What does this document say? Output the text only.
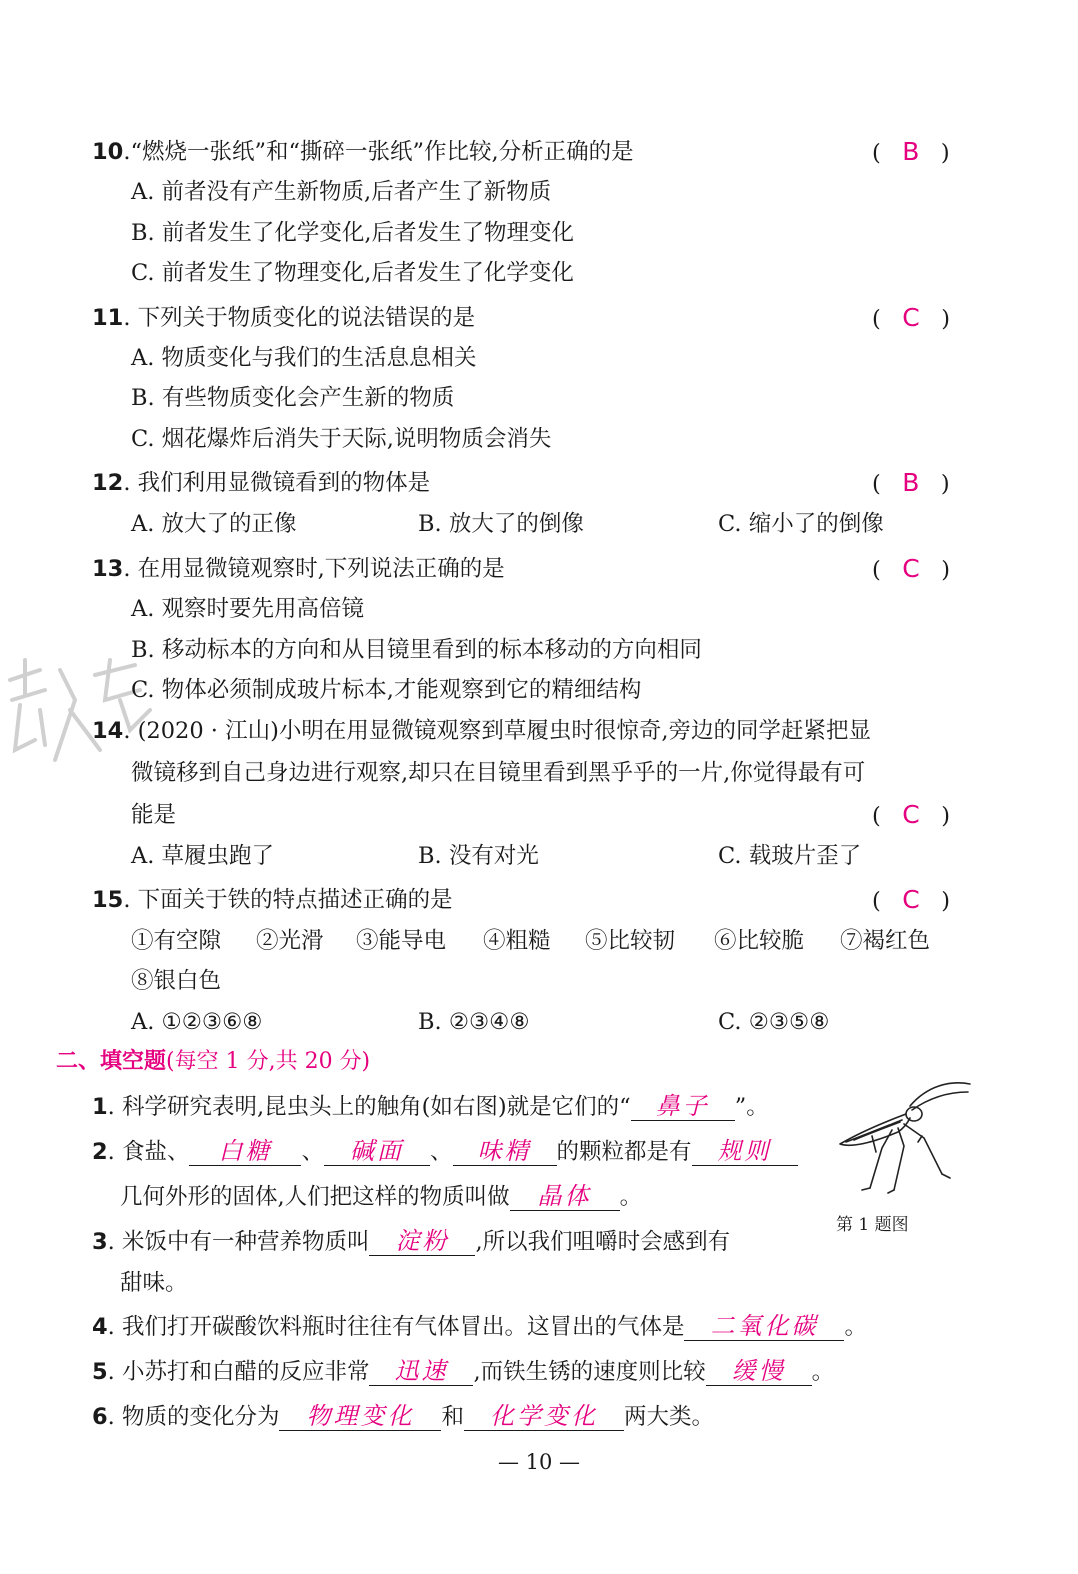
10.“燃烧一张纸”和“撕碎一张纸”作比较,分析正确的是	( B )
A. 前者没有产生新物质,后者产生了新物质
B. 前者发生了化学变化,后者发生了物理变化
C. 前者发生了物理变化,后者发生了化学变化
11. 下列关于物质变化的说法错误的是	( C )
A. 物质变化与我们的生活息息相关
B. 有些物质变化会产生新的物质
C. 烟花爆炸后消失于天际,说明物质会消失
12. 我们利用显微镜看到的物体是	( B )
A. 放大了的正像	B. 放大了的倒像	C. 缩小了的倒像
13. 在用显微镜观察时,下列说法正确的是	( C )
A. 观察时要先用高倍镜
B. 移动标本的方向和从目镜里看到的标本移动的方向相同
C. 物体必须制成玻片标本,才能观察到它的精细结构
14. (2020 · 江山)小明在用显微镜观察到草履虫时很惊奇,旁边的同学赶紧把显
微镜移到自己身边进行观察,却只在目镜里看到黑乎乎的一片,你觉得最有可
能是	( C )
A. 草履虫跑了	B. 没有对光	C. 载玻片歪了
15. 下面关于铁的特点描述正确的是	( C )
①有空隙 ②光滑 ③能导电 ④粗糙 ⑤比较韧 ⑥比较脆 ⑦褐红色
⑧银白色
A. ①②③⑥⑧	B. ②③④⑧	C. ②③⑤⑧
二、填空题(每空 1 分,共 20 分)
1. 科学研究表明,昆虫头上的触角(如右图)就是它们的“ 鼻子 ”。
2. 食盐、 白糖 、 碱面 、 味精 的颗粒都是有 规则
几何外形的固体,人们把这样的物质叫做 晶体 。
第 1 题图
3. 米饭中有一种营养物质叫 淀粉 ,所以我们咀嚼时会感到有
甜味。
4. 我们打开碳酸饮料瓶时往往有气体冒出。这冒出的气体是 二氧化碳 。
5. 小苏打和白醋的反应非常 迅速 ,而铁生锈的速度则比较 缓慢 。
6. 物质的变化分为 物理变化 和 化学变化 两大类。
— 10 —
